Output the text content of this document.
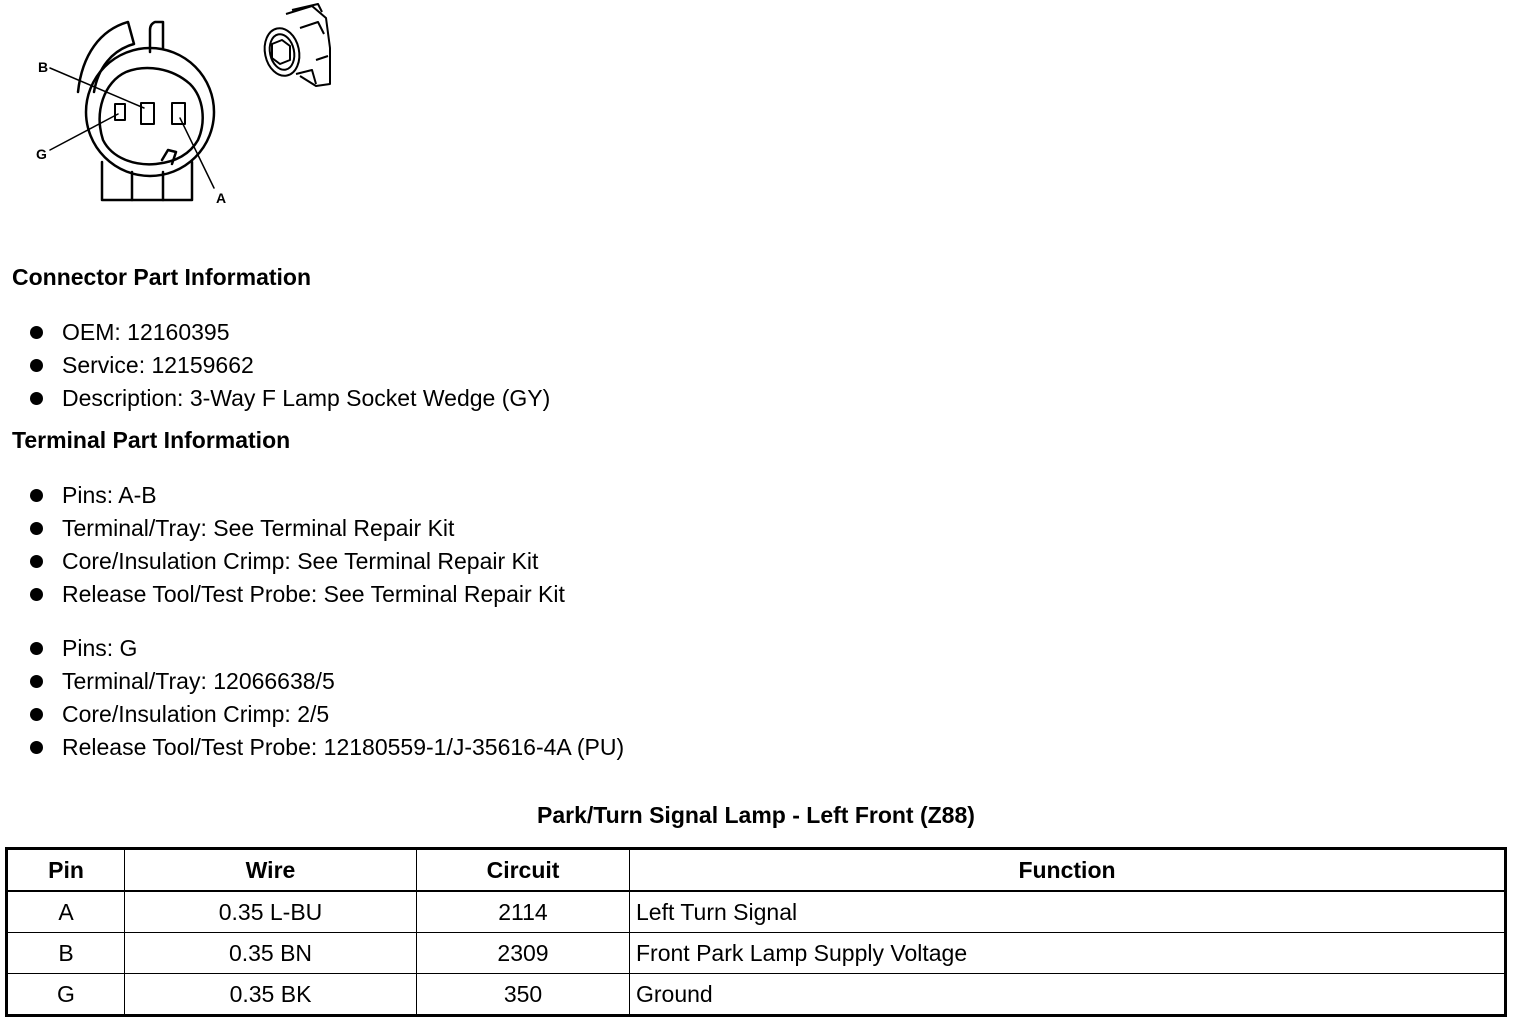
B
G
A
Connector Part Information
OEM: 12160395
Service: 12159662
Description: 3-Way F Lamp Socket Wedge (GY)
Terminal Part Information
Pins: A-B
Terminal/Tray: See Terminal Repair Kit
Core/Insulation Crimp: See Terminal Repair Kit
Release Tool/Test Probe: See Terminal Repair Kit
Pins: G
Terminal/Tray: 12066638/5
Core/Insulation Crimp: 2/5
Release Tool/Test Probe: 12180559-1/J-35616-4A (PU)
Park/Turn Signal Lamp - Left Front (Z88)
Pin	Wire	Circuit	Function
A	0.35 L-BU	2114	Left Turn Signal
B	0.35 BN	2309	Front Park Lamp Supply Voltage
G	0.35 BK	350	Ground
